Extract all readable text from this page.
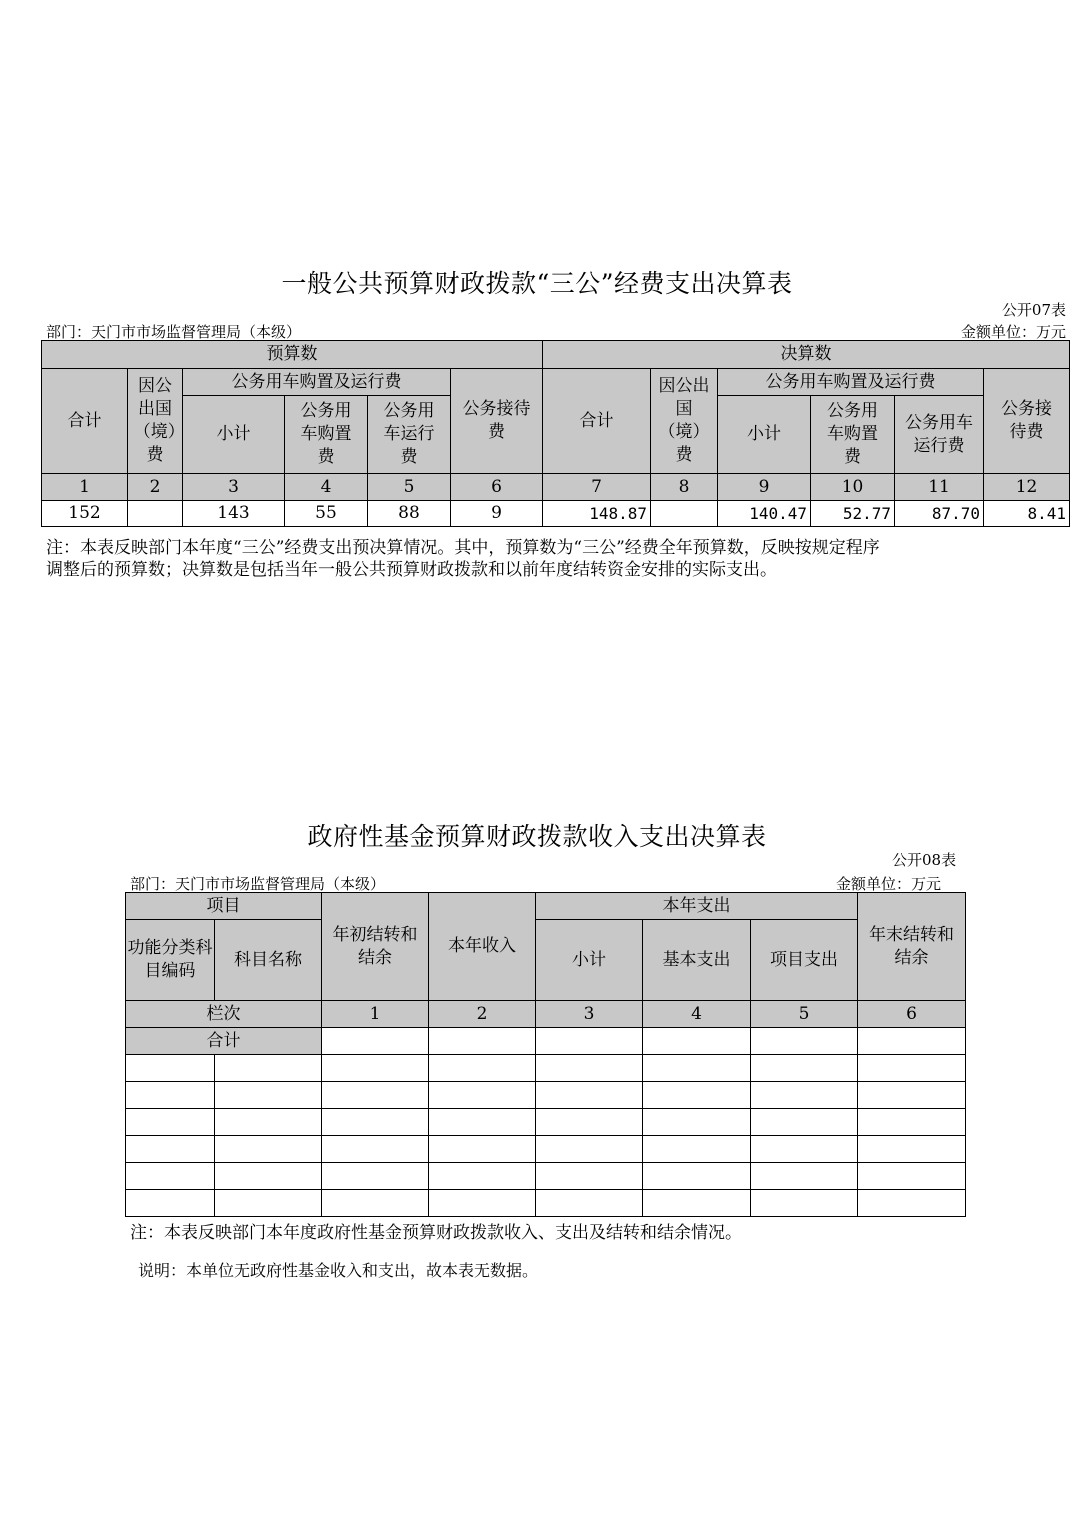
一般公共预算财政拨款“三公”经费支出决算表
公开07表
部门：天门市市场监督管理局（本级）	金额单位：万元
预算数						决算数					
合计	因公出国（境）费	公务用车购置及运行费			公务接待费	合计	因公出国（境）费	公务用车购置及运行费			公务接待费
		小计	公务用车购置费	公务用车运行费				小计	公务用车购置费	公务用车运行费	
1	2	3	4	5	6	7	8	9	10	11	12
152		143	55	88	9	148.87		140.47	52.77	87.70	8.41
注：本表反映部门本年度“三公”经费支出预决算情况。其中，预算数为“三公”经费全年预算数，反映按规定程序
调整后的预算数；决算数是包括当年一般公共预算财政拨款和以前年度结转资金安排的实际支出。
政府性基金预算财政拨款收入支出决算表
公开08表
部门：天门市市场监督管理局（本级）	金额单位：万元
项目		年初结转和结余	本年收入	本年支出			年末结转和结余
功能分类科目编码	科目名称			小计	基本支出	项目支出	
栏次		1	2	3	4	5	6
合计							

注：本表反映部门本年度政府性基金预算财政拨款收入、支出及结转和结余情况。
说明：本单位无政府性基金收入和支出，故本表无数据。
